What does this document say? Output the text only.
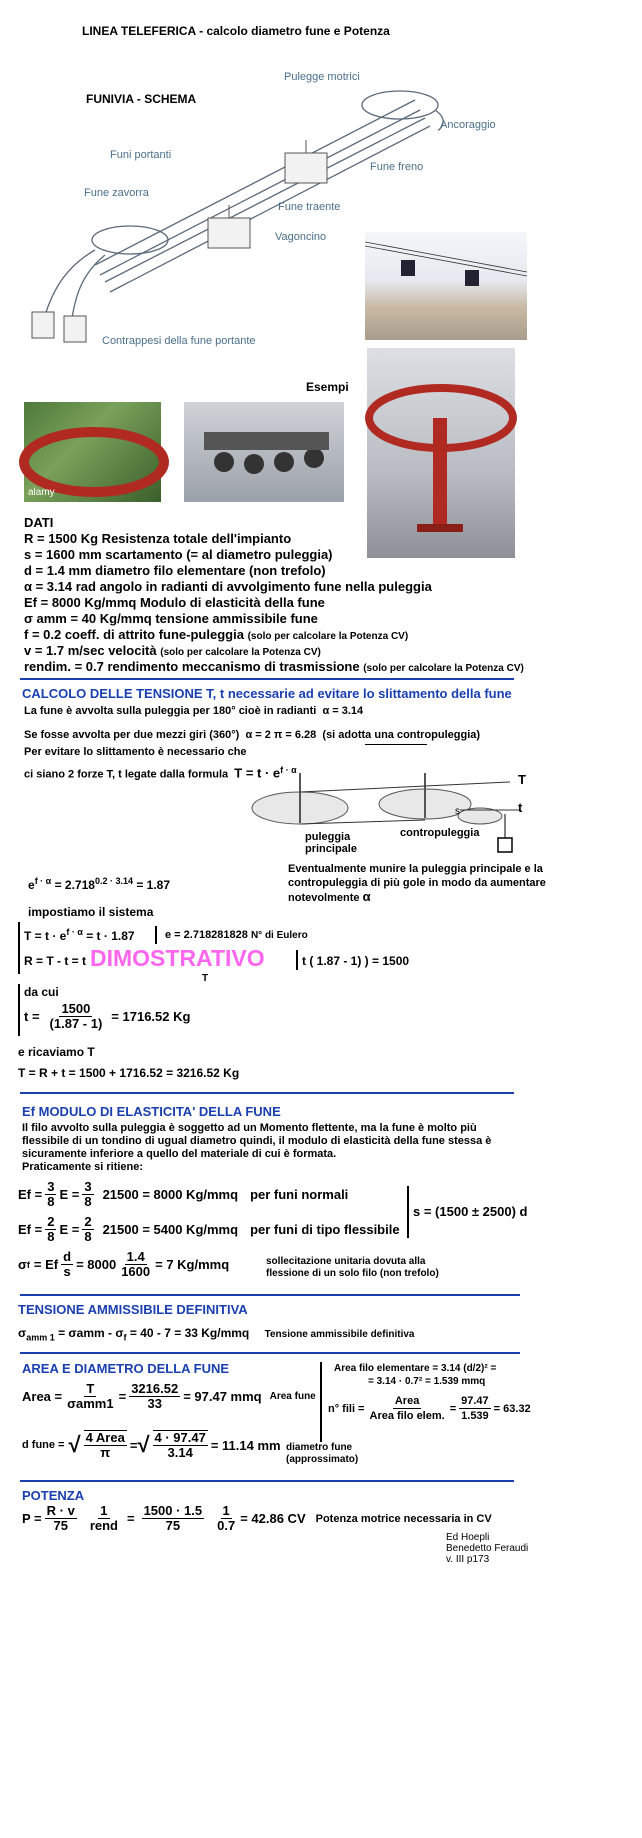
LINEA TELEFERICA - calcolo diametro fune e Potenza
FUNIVIA - SCHEMA
Pulegge motrici
Ancoraggio
Funi portanti
Fune freno
Fune zavorra
Fune traente
Vagoncino
Contrappesi della fune portante
Esempi
alamy
DATI
R = 1500 Kg Resistenza totale dell'impianto
s = 1600 mm scartamento (= al diametro puleggia)
d = 1.4 mm diametro filo elementare (non trefolo)
α = 3.14 rad angolo in radianti di avvolgimento fune nella puleggia
Ef = 8000 Kg/mmq Modulo di elasticità della fune
σ amm = 40 Kg/mmq tensione ammissibile fune
f = 0.2 coeff. di attrito fune-puleggia (solo per calcolare la Potenza CV)
v = 1.7 m/sec velocità (solo per calcolare la Potenza CV)
rendim. = 0.7 rendimento meccanismo di trasmissione (solo per calcolare la Potenza CV)
CALCOLO DELLE TENSIONE T, t necessarie ad evitare lo slittamento della fune
La fune è avvolta sulla puleggia per 180° cioè in radianti α = 3.14
Se fosse avvolta per due mezzi giri (360°) α = 2 π = 6.28 (si adotta una contropuleggia)
Per evitare lo slittamento è necessario che
ci siano 2 forze T, t legate dalla formula $T = t \cdot e^{f \cdot \alpha}$
T
t
s
puleggia principale
contropuleggia
Eventualmente munire la puleggia principale e la contropuleggia di più gole in modo da aumentare notevolmente α
$e^{f \cdot \alpha} = 2.718^{0.2 \cdot 3.14} = 1.87$
impostiamo il sistema
$T = t \cdot e^{f \cdot \alpha} = t \cdot 1.87$	e = 2.718281828 N° di Eulero
R = T - t = t DIMOSTRATIVO
T
t ( 1.87 - 1) ) = 1500
da cui
$t = \frac{1500}{(1.87 - 1)} = 1716.52$ Kg
e ricaviamo T
T = R + t = 1500 + 1716.52 = 3216.52 Kg
Ef MODULO DI ELASTICITA' DELLA FUNE
Il filo avvolto sulla puleggia è soggetto ad un Momento flettente, ma la fune è molto più flessibile di un tondino di ugual diametro quindi, il modulo di elasticità della fune stessa è sicuramente inferiore a quello del materiale di cui è formata.
Praticamente si ritiene:
$Ef = \frac{3}{8}$ $E = \frac{3}{8} 21500 = 8000$ Kg/mmq per funi normali
$Ef = \frac{2}{8}$ $E = \frac{2}{8} 21500 = 5400$ Kg/mmq per funi di tipo flessibile
s = (1500 ± 2500) d
σ f = Ef $\frac{d}{s} = 8000 \frac{1.4}{1600} = 7$ Kg/mmq	sollecitazione unitaria dovuta alla flessione di un solo filo (non trefolo)
TENSIONE AMMISSIBILE DEFINITIVA
$\sigma_{amm 1} = \sigma amm - \sigma_f = 40 - 7 = 33$ Kg/mmq Tensione ammissibile definitiva
AREA E DIAMETRO DELLA FUNE
Area = $\frac{T}{\text{σamm1}} = \frac{3216.52}{33} = 97.47$ mmq Area fune
Area filo elementare = 3.14 (d/2)² =
= 3.14 · 0.7² = 1.539 mmq
n° fili = $\frac{\text{Area}}{\text{Area filo elem.}} = \frac{97.47}{1.539} = 63.32$
d fune = √ $\frac{\text{4 Area}}{\pi}$ = √ $\frac{4 \cdot 97.47}{3.14} = 11.14$ mm diametro fune (approssimato)
POTENZA
$P = \frac{R \cdot v}{75} \frac{1}{\text{rend}} = \frac{1500 \cdot 1.5}{75} \frac{1}{0.7} = 42.86$ CV Potenza motrice necessaria in CV
Ed Hoepli
Benedetto Feraudi
v. III p173
